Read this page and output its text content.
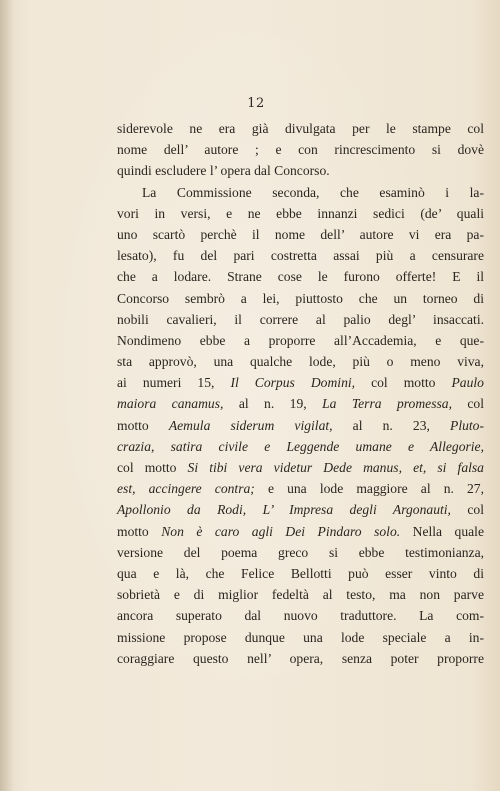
12
siderevole ne era già divulgata per le stampe col
nome dell’ autore ; e con rincrescimento si dovè
quindi escludere l’ opera dal Concorso.
La Commissione seconda, che esaminò i la-
vori in versi, e ne ebbe innanzi sedici (de’ quali
uno scartò perchè il nome dell’ autore vi era pa-
lesato), fu del pari costretta assai più a censurare
che a lodare. Strane cose le furono offerte! E il
Concorso sembrò a lei, piuttosto che un torneo di
nobili cavalieri, il correre al palio degl’ insaccati.
Nondimeno ebbe a proporre all’Accademia, e que-
sta approvò, una qualche lode, più o meno viva,
ai numeri 15, Il Corpus Domini, col motto Paulo
maiora canamus, al n. 19, La Terra promessa, col
motto Aemula siderum vigilat, al n. 23, Pluto-
crazia, satira civile e Leggende umane e Allegorie,
col motto Si tibi vera videtur Dede manus, et, si falsa
est, accingere contra; e una lode maggiore al n. 27,
Apollonio da Rodi, L’ Impresa degli Argonauti, col
motto Non è caro agli Dei Pindaro solo. Nella quale
versione del poema greco si ebbe testimonianza,
qua e là, che Felice Bellotti può esser vinto di
sobrietà e di miglior fedeltà al testo, ma non parve
ancora superato dal nuovo traduttore. La com-
missione propose dunque una lode speciale a in-
coraggiare questo nell’ opera, senza poter proporre
